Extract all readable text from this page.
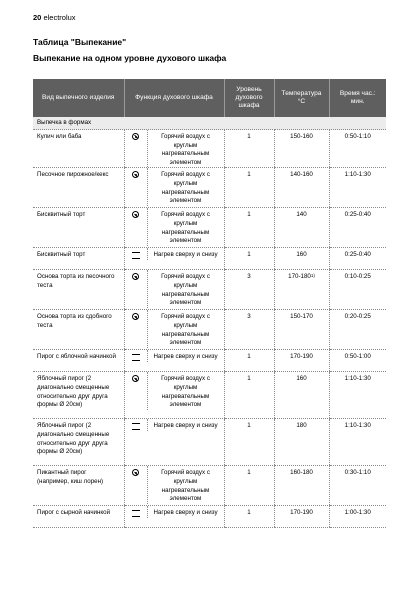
20 electrolux
Таблица "Выпекание"
Выпекание на одном уровне духового шкафа
Вид выпечного изделия	Функция духового шкафа	Уровень духового шкафа	Температура °C	Время час.: мин.
Выпечка в формах				
Кулич или баба	Горячий воздух с круглым нагревательным элементом	1	150-160	0:50-1:10
Песочное пирожное/кекс	Горячий воздух с круглым нагревательным элементом	1	140-160	1:10-1:30
Бисквитный торт	Горячий воздух с круглым нагревательным элементом	1	140	0:25-0:40
Бисквитный торт	Нагрев сверху и снизу	1	160	0:25-0:40
Основа торта из песочного теста	Горячий воздух с круглым нагревательным элементом	3	170-180$^{1)}$	0:10-0:25
Основа торта из сдобного теста	Горячий воздух с круглым нагревательным элементом	3	150-170	0:20-0:25
Пирог с яблочной начинкой	Нагрев сверху и снизу	1	170-190	0:50-1:00
Яблочный пирог (2 диагонально смещенные относительно друг друга формы Ø 20см)	Горячий воздух с круглым нагревательным элементом	1	160	1:10-1:30
Яблочный пирог (2 диагонально смещенные относительно друг друга формы Ø 20см)	Нагрев сверху и снизу	1	180	1:10-1:30
Пикантный пирог (например, киш лорен)	Горячий воздух с круглым нагревательным элементом	1	160-180	0:30-1:10
Пирог с сырной начинкой	Нагрев сверху и снизу	1	170-190	1:00-1:30
